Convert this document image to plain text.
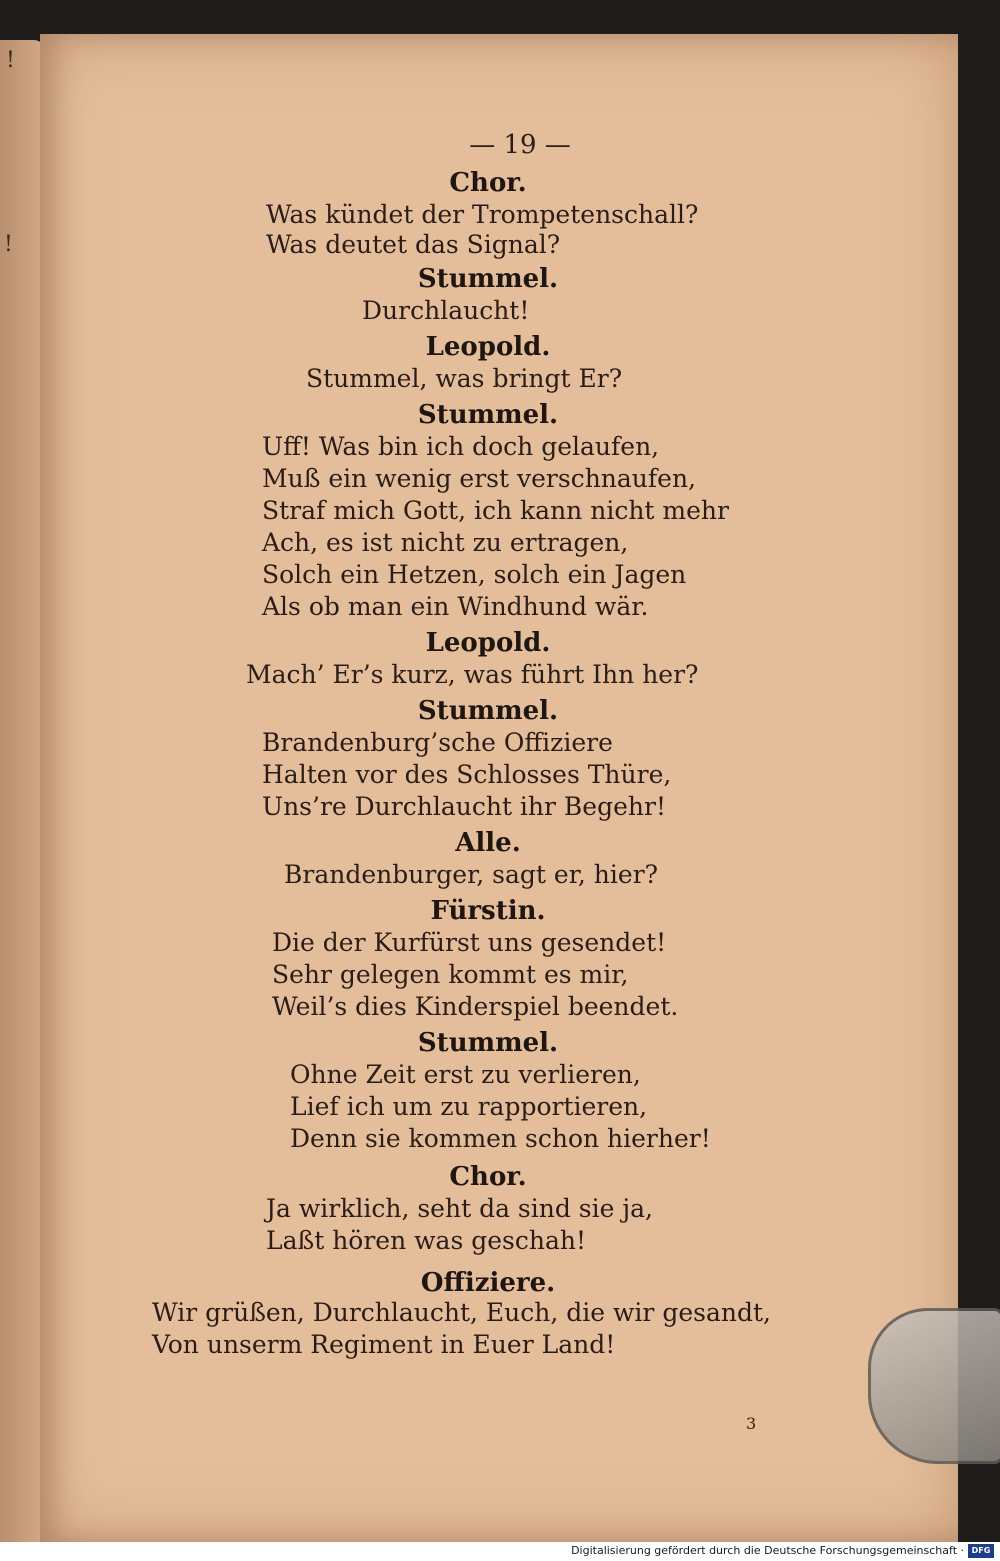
!
!
— 19 —
Chor.
Was kündet der Trompetenschall?
Was deutet das Signal?
Stummel.
Durchlaucht!
Leopold.
Stummel, was bringt Er?
Stummel.
Uff! Was bin ich doch gelaufen,
Muß ein wenig erst verschnaufen,
Straf mich Gott, ich kann nicht mehr
Ach, es ist nicht zu ertragen,
Solch ein Hetzen, solch ein Jagen
Als ob man ein Windhund wär.
Leopold.
Mach’ Er’s kurz, was führt Ihn her?
Stummel.
Brandenburg’sche Offiziere
Halten vor des Schlosses Thüre,
Uns’re Durchlaucht ihr Begehr!
Alle.
Brandenburger, sagt er, hier?
Fürstin.
Die der Kurfürst uns gesendet!
Sehr gelegen kommt es mir,
Weil’s dies Kinderspiel beendet.
Stummel.
Ohne Zeit erst zu verlieren,
Lief ich um zu rapportieren,
Denn sie kommen schon hierher!
Chor.
Ja wirklich, seht da sind sie ja,
Laßt hören was geschah!
Offiziere.
Wir grüßen, Durchlaucht, Euch, die wir gesandt,
Von unserm Regiment in Euer Land!
3
Digitalisierung gefördert durch die Deutsche Forschungsgemeinschaft · DFG
